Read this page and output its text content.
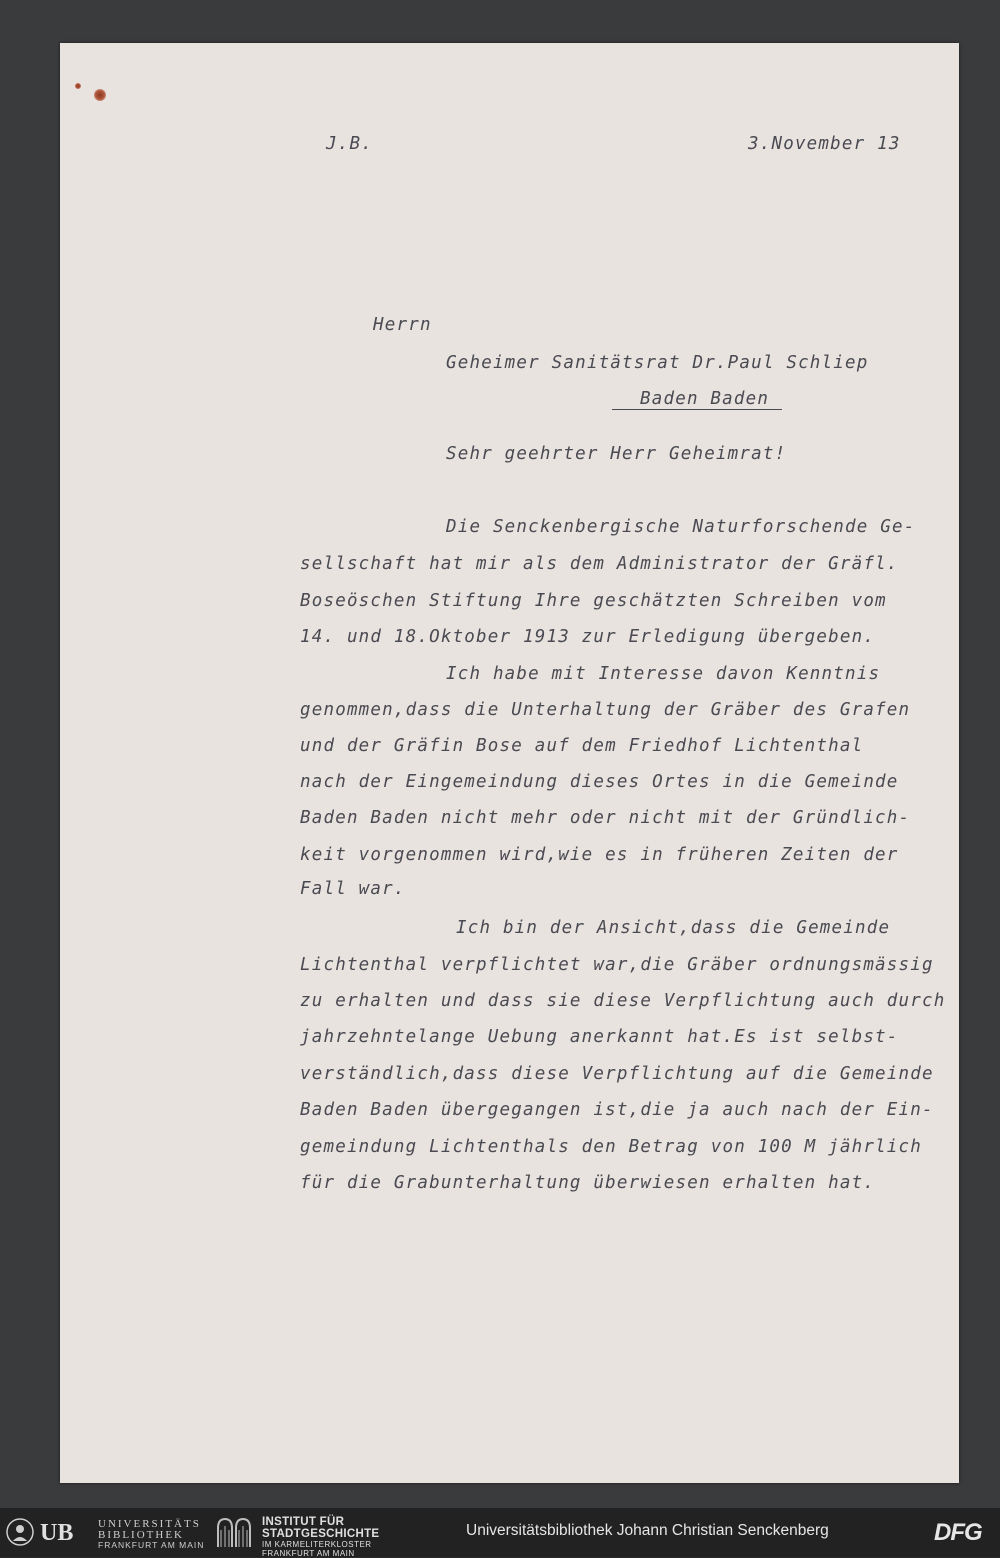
J.B.	3.November 13
Herrn
Geheimer Sanitätsrat Dr.Paul Schliep
Baden Baden
Sehr geehrter Herr Geheimrat!
Die Senckenbergische Naturforschende Ge-
sellschaft hat mir als dem Administrator der Gräfl.
Boseöschen Stiftung Ihre geschätzten Schreiben vom
14. und 18.Oktober 1913 zur Erledigung übergeben.
Ich habe mit Interesse davon Kenntnis
genommen,dass die Unterhaltung der Gräber des Grafen
und der Gräfin Bose auf dem Friedhof Lichtenthal
nach der Eingemeindung dieses Ortes in die Gemeinde
Baden Baden nicht mehr oder nicht mit der Gründlich-
keit vorgenommen wird,wie es in früheren Zeiten der
Fall war.
Ich bin der Ansicht,dass die Gemeinde
Lichtenthal verpflichtet war,die Gräber ordnungsmässig
zu erhalten und dass sie diese Verpflichtung auch durch
jahrzehntelange Uebung anerkannt hat.Es ist selbst-
verständlich,dass diese Verpflichtung auf die Gemeinde
Baden Baden übergegangen ist,die ja auch nach der Ein-
gemeindung Lichtenthals den Betrag von 100 M jährlich
für die Grabunterhaltung überwiesen erhalten hat.
UB UNIVERSITÄTS
BIBLIOTHEK
FRANKFURT AM MAIN
INSTITUT FÜR
STADTGESCHICHTE
IM KARMELITERKLOSTER
FRANKFURT AM MAIN
Universitätsbibliothek Johann Christian Senckenberg	DFG
